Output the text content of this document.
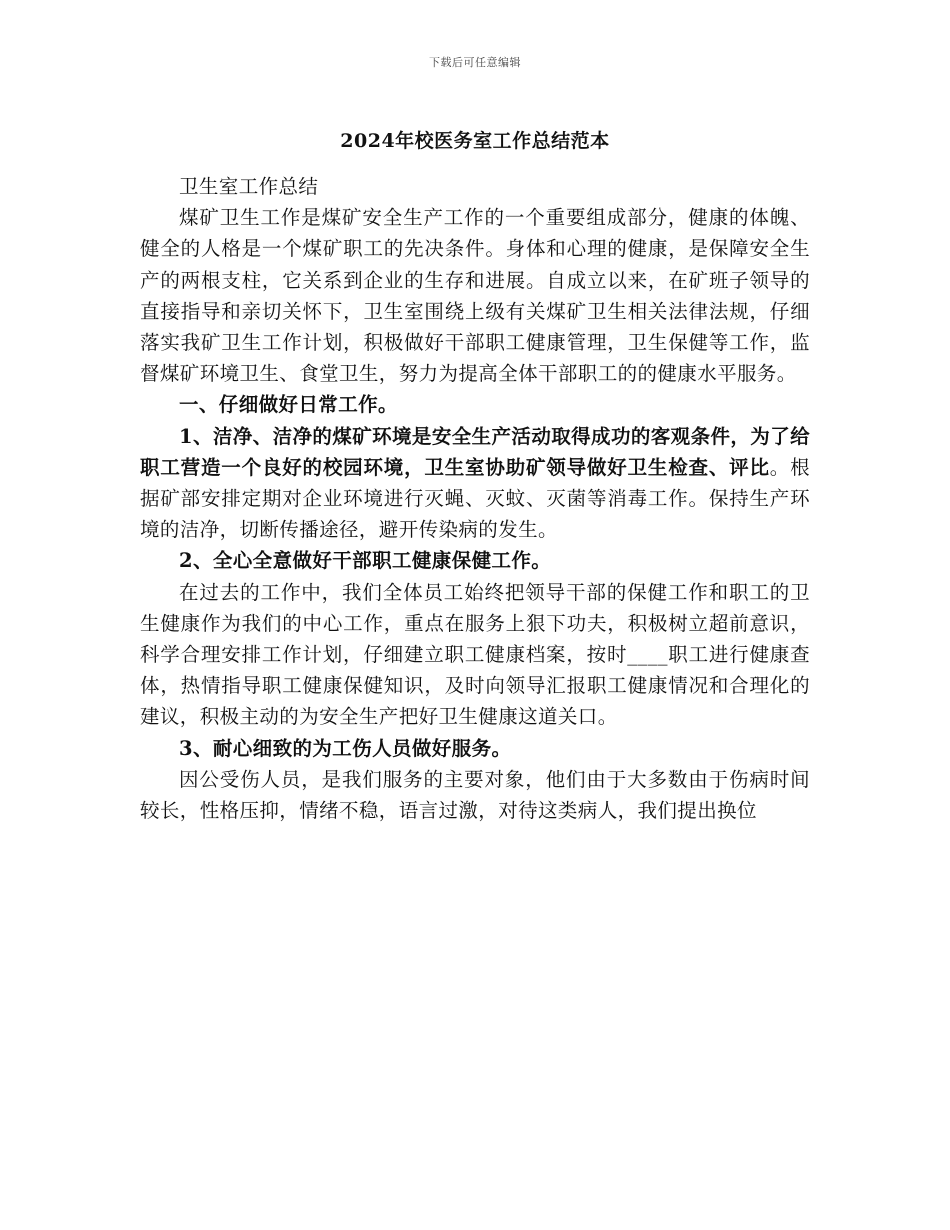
下载后可任意编辑
2024年校医务室工作总结范本

卫生室工作总结

煤矿卫生工作是煤矿安全生产工作的一个重要组成部分，健康的体魄、健全的人格是一个煤矿职工的先决条件。身体和心理的健康，是保障安全生产的两根支柱，它关系到企业的生存和进展。自成立以来，在矿班子领导的直接指导和亲切关怀下，卫生室围绕上级有关煤矿卫生相关法律法规，仔细落实我矿卫生工作计划，积极做好干部职工健康管理，卫生保健等工作，监督煤矿环境卫生、食堂卫生，努力为提高全体干部职工的的健康水平服务。

一、仔细做好日常工作。

1、洁净、洁净的煤矿环境是安全生产活动取得成功的客观条件，为了给职工营造一个良好的校园环境，卫生室协助矿领导做好卫生检查、评比。根据矿部安排定期对企业环境进行灭蝇、灭蚊、灭菌等消毒工作。保持生产环境的洁净，切断传播途径，避开传染病的发生。

2、全心全意做好干部职工健康保健工作。

在过去的工作中，我们全体员工始终把领导干部的保健工作和职工的卫生健康作为我们的中心工作，重点在服务上狠下功夫，积极树立超前意识，科学合理安排工作计划，仔细建立职工健康档案，按时____职工进行健康查体，热情指导职工健康保健知识，及时向领导汇报职工健康情况和合理化的建议，积极主动的为安全生产把好卫生健康这道关口。

3、耐心细致的为工伤人员做好服务。

因公受伤人员，是我们服务的主要对象，他们由于大多数由于伤病时间较长，性格压抑，情绪不稳，语言过激，对待这类病人，我们提出换位
